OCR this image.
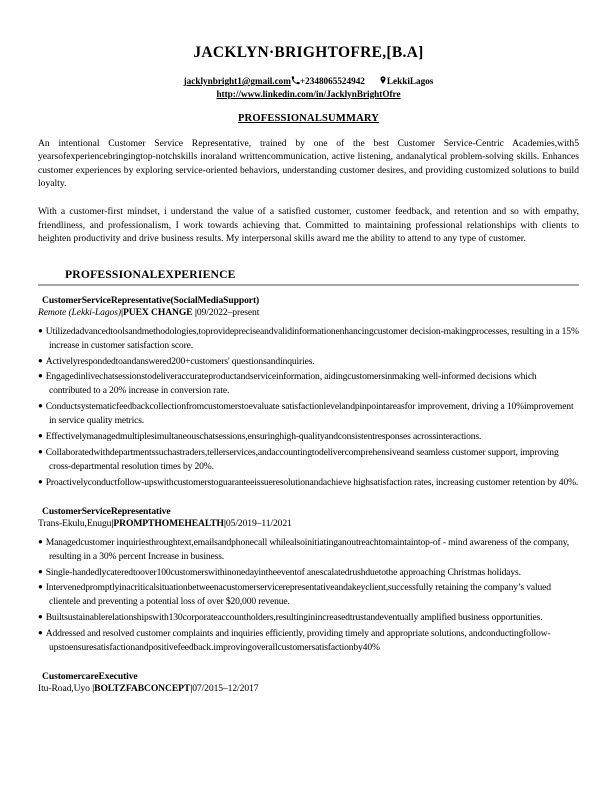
JACKLYN·BRIGHTOFRE,[B.A]
jacklynbright1@gmail.com +2348065524942 LekkiLagos
http://www.linkedin.com/in/JacklynBrightOfre
PROFESSIONALSUMMARY

An intentional Customer Service Representative, trained by one of the best Customer Service-Centric Academies,with5 yearsofexperiencebringingtop-notchskills inoraland writtencommunication, active listening, andanalytical problem-solving skills. Enhances customer experiences by exploring service-oriented behaviors, understanding customer desires, and providing customized solutions to build loyalty.

With a customer-first mindset, i understand the value of a satisfied customer, customer feedback, and retention and so with empathy, friendliness, and professionalism, I work towards achieving that. Committed to maintaining professional relationships with clients to heighten productivity and drive business results. My interpersonal skills award me the ability to attend to any type of customer.

PROFESSIONALEXPERIENCE
CustomerServiceRepresentative(SocialMediaSupport)
Remote (Lekki-Lagos)|PUEX CHANGE |09/2022–present
● Utilizedadvancedtoolsandmethodologies,toprovidepreciseandvalidinformationenhancingcustomer decision-makingprocesses, resulting in a 15% increase in customer satisfaction score.
● Activelyrespondedtoandanswered200+customers' questionsandinquiries.
● Engagedinlivechatsessionstodeliveraccurateproductandserviceinformation, aidingcustomersinmaking well-informed decisions which contributed to a 20% increase in conversion rate.
● Conductsystematicfeedbackcollectionfromcustomerstoevaluate satisfactionlevelandpinpointareasfor improvement, driving a 10%improvement in service quality metrics.
● Effectivelymanagedmultiplesimultaneouschatsessions,ensuringhigh-qualityandconsistentresponses acrossinteractions.
● Collaboratedwithdepartmentssuchastraders,tellerservices,andaccountingtodelivercomprehensiveand seamless customer support, improving cross-departmental resolution times by 20%.
● Proactivelyconductfollow-upswithcustomerstoguaranteeissueresolutionandachieve highsatisfaction rates, increasing customer retention by 40%.
CustomerServiceRepresentative
Trans-Ekulu,Enugu|PROMPTHOMEHEALTH|05/2019–11/2021
● Managedcustomer inquiriesthroughtext,emailsandphonecall whilealsoinitiatinganoutreachtomaintaintop-of - mind awareness of the company, resulting in a 30% percent Increase in business.
● Single-handedlycateredtoover100customerswithinonedayintheeventof anescalatedrushduetothe approaching Christmas holidays.
● Intervenedpromptlyinacriticalsituationbetweenacustomerservicerepresentativeandakeyclient,successfully retaining the company’s valued clientele and preventing a potential loss of over $20,000 revenue.
● Builtsustainablerelationshipswith130corporateaccountholders,resultinginincreasedtrustandeventually amplified business opportunities.
● Addressed and resolved customer complaints and inquiries efficiently, providing timely and appropriate solutions, andconductingfollow-upstoensuresatisfactionandpositivefeedback.improvingoverallcustomersatisfactionby40%
CustomercareExecutive
Itu-Road,Uyo |BOLTZFABCONCEPT|07/2015–12/2017
